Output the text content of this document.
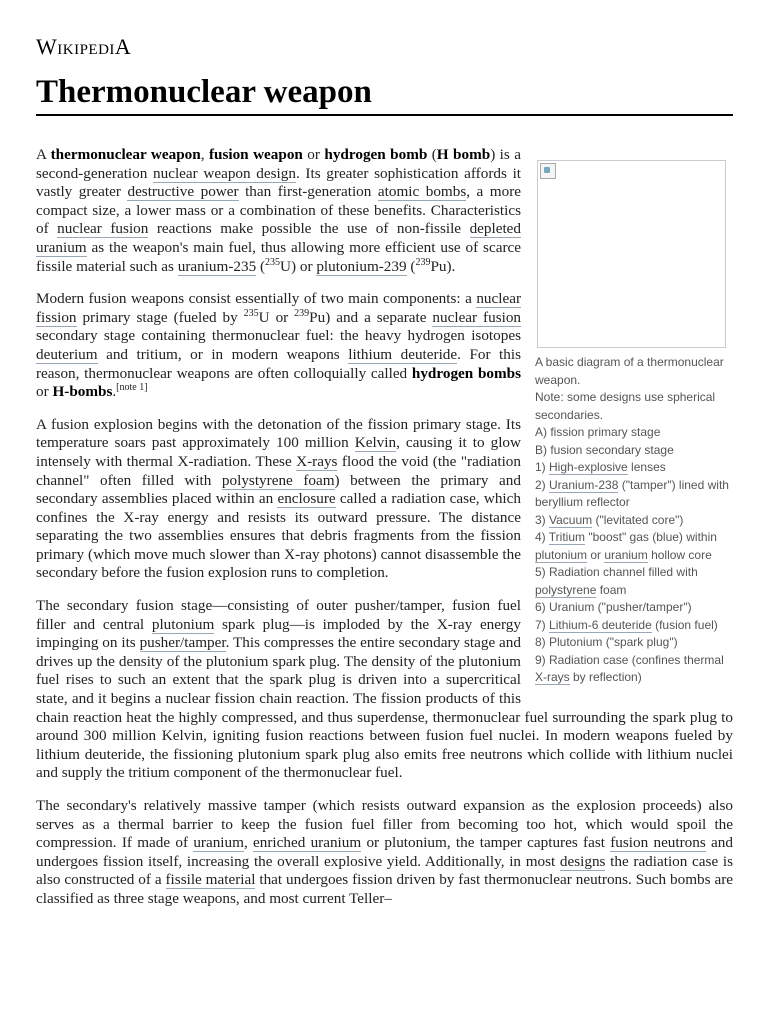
WikipediA
Thermonuclear weapon
A basic diagram of a thermonuclear weapon.
Note: some designs use spherical secondaries.
A) fission primary stage
B) fusion secondary stage
1) High-explosive lenses
2) Uranium-238 ("tamper") lined with beryllium reflector
3) Vacuum ("levitated core")
4) Tritium "boost" gas (blue) within plutonium or uranium hollow core
5) Radiation channel filled with polystyrene foam
6) Uranium ("pusher/tamper")
7) Lithium-6 deuteride (fusion fuel)
8) Plutonium ("spark plug")
9) Radiation case (confines thermal X-rays by reflection)

A thermonuclear weapon, fusion weapon or hydrogen bomb (H bomb) is a second-generation nuclear weapon design. Its greater sophistication affords it vastly greater destructive power than first-generation atomic bombs, a more compact size, a lower mass or a combination of these benefits. Characteristics of nuclear fusion reactions make possible the use of non-fissile depleted uranium as the weapon's main fuel, thus allowing more efficient use of scarce fissile material such as uranium-235 ($^{235}$U) or plutonium-239 ($^{239}$Pu).

Modern fusion weapons consist essentially of two main components: a nuclear fission primary stage (fueled by $^{235}$U or $^{239}$Pu) and a separate nuclear fusion secondary stage containing thermonuclear fuel: the heavy hydrogen isotopes deuterium and tritium, or in modern weapons lithium deuteride. For this reason, thermonuclear weapons are often colloquially called hydrogen bombs or H-bombs.[note 1]

A fusion explosion begins with the detonation of the fission primary stage. Its temperature soars past approximately 100 million Kelvin, causing it to glow intensely with thermal X-radiation. These X-rays flood the void (the "radiation channel" often filled with polystyrene foam) between the primary and secondary assemblies placed within an enclosure called a radiation case, which confines the X-ray energy and resists its outward pressure. The distance separating the two assemblies ensures that debris fragments from the fission primary (which move much slower than X-ray photons) cannot disassemble the secondary before the fusion explosion runs to completion.

The secondary fusion stage—consisting of outer pusher/tamper, fusion fuel filler and central plutonium spark plug—is imploded by the X-ray energy impinging on its pusher/tamper. This compresses the entire secondary stage and drives up the density of the plutonium spark plug. The density of the plutonium fuel rises to such an extent that the spark plug is driven into a supercritical state, and it begins a nuclear fission chain reaction. The fission products of this chain reaction heat the highly compressed, and thus superdense, thermonuclear fuel surrounding the spark plug to around 300 million Kelvin, igniting fusion reactions between fusion fuel nuclei. In modern weapons fueled by lithium deuteride, the fissioning plutonium spark plug also emits free neutrons which collide with lithium nuclei and supply the tritium component of the thermonuclear fuel.

The secondary's relatively massive tamper (which resists outward expansion as the explosion proceeds) also serves as a thermal barrier to keep the fusion fuel filler from becoming too hot, which would spoil the compression. If made of uranium, enriched uranium or plutonium, the tamper captures fast fusion neutrons and undergoes fission itself, increasing the overall explosive yield. Additionally, in most designs the radiation case is also constructed of a fissile material that undergoes fission driven by fast thermonuclear neutrons. Such bombs are classified as three stage weapons, and most current Teller–
